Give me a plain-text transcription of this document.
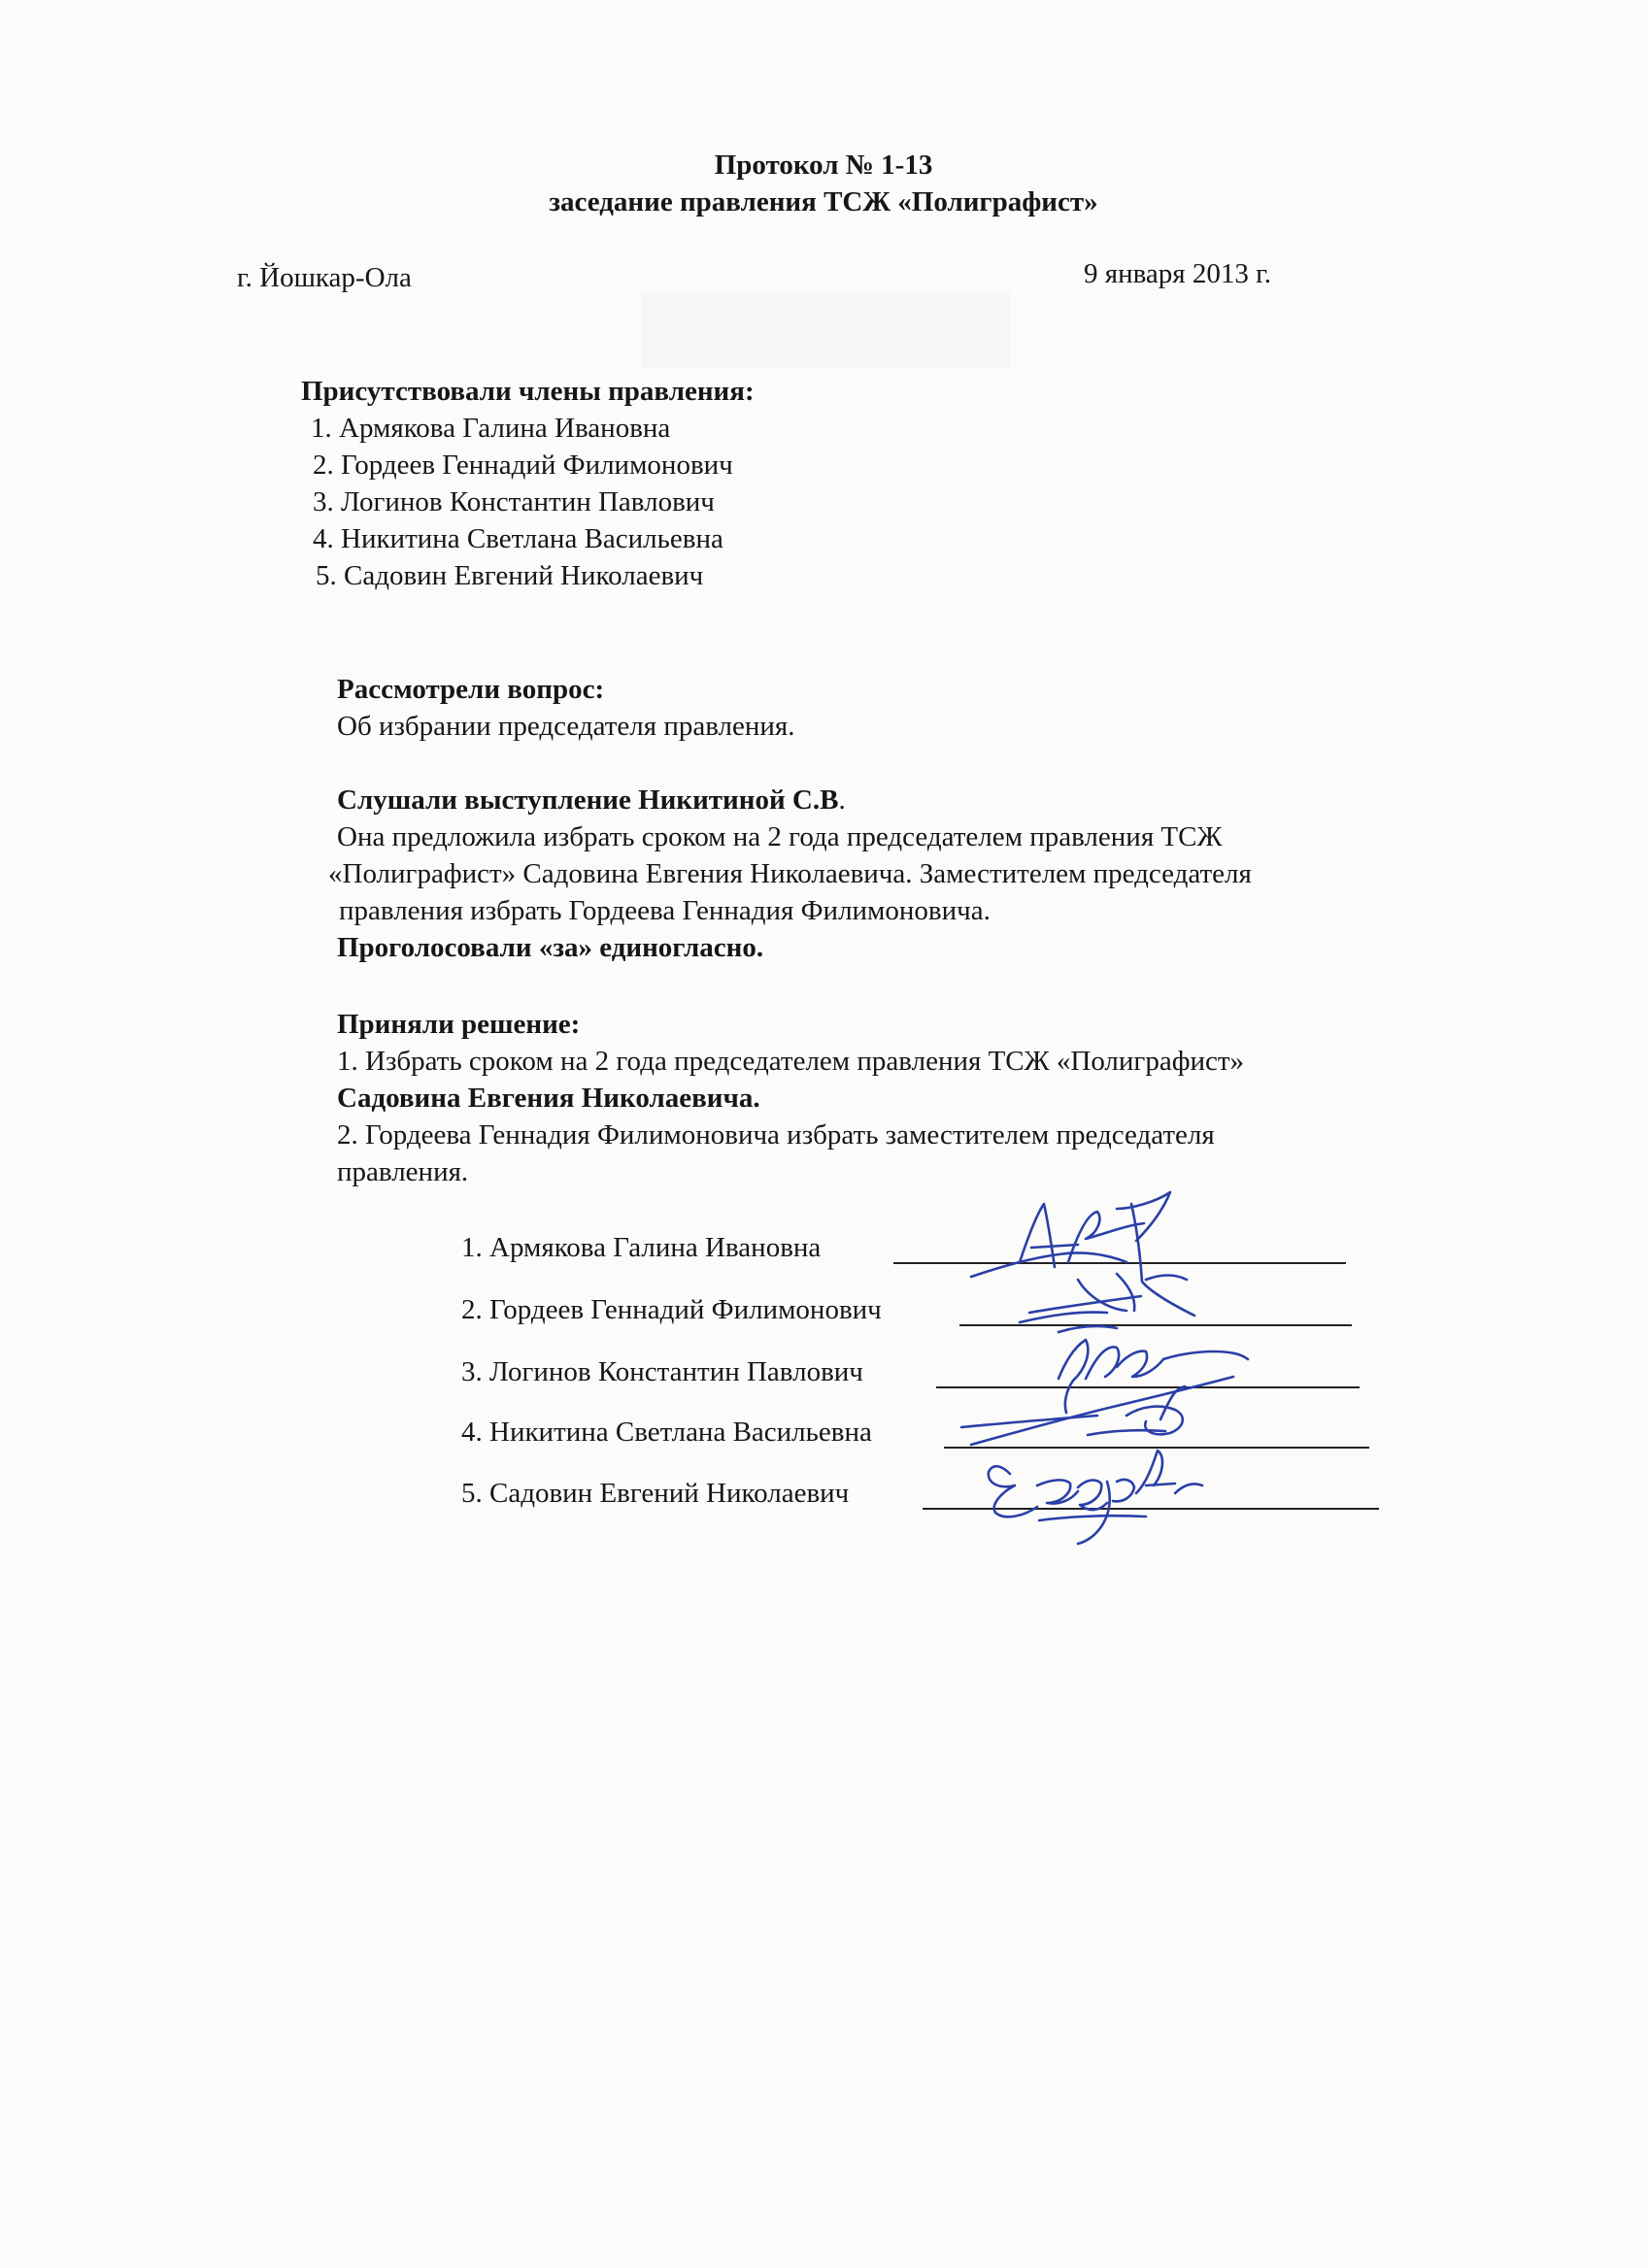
Протокол № 1-13
заседание правления ТСЖ «Полиграфист»
г. Йошкар-Ола	9 января 2013 г.
Присутствовали члены правления:
1. Армякова Галина Ивановна
2. Гордеев Геннадий Филимонович
3. Логинов Константин Павлович
4. Никитина Светлана Васильевна
5. Садовин Евгений Николаевич
Рассмотрели вопрос:
Об избрании председателя правления.
Слушали выступление Никитиной С.В.
Она предложила избрать сроком на 2 года председателем правления ТСЖ
«Полиграфист» Садовина Евгения Николаевича. Заместителем председателя
правления избрать Гордеева Геннадия Филимоновича.
Проголосовали «за» единогласно.
Приняли решение:
1. Избрать сроком на 2 года председателем правления ТСЖ «Полиграфист»
Садовина Евгения Николаевича.
2. Гордеева Геннадия Филимоновича избрать заместителем председателя
правления.
1. Армякова Галина Ивановна
2. Гордеев Геннадий Филимонович
3. Логинов Константин Павлович
4. Никитина Светлана Васильевна
5. Садовин Евгений Николаевич
